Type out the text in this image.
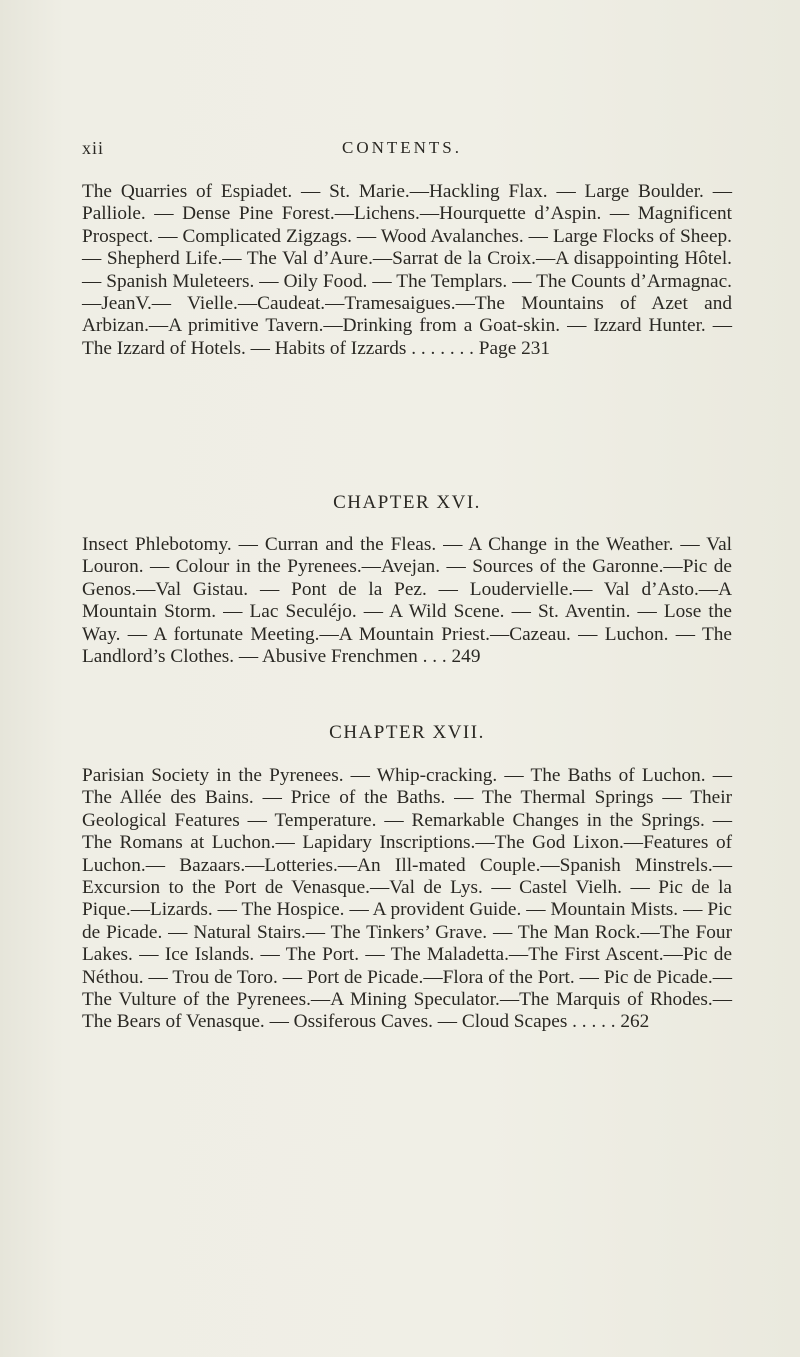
xii	CONTENTS.
The Quarries of Espiadet. — St. Marie.—Hackling Flax. — Large Boulder. — Palliole. — Dense Pine Forest.—Lichens.—Hourquette d’Aspin. — Magnificent Prospect. — Complicated Zigzags. — Wood Avalanches. — Large Flocks of Sheep.— Shepherd Life.— The Val d’Aure.—Sarrat de la Croix.—A disappointing Hôtel.— Spanish Muleteers. — Oily Food. — The Templars. — The Counts d’Armagnac.—JeanV.— Vielle.—Caudeat.—Tramesaigues.—The Mountains of Azet and Arbizan.—A primitive Tavern.—Drinking from a Goat-skin. — Izzard Hunter. — The Izzard of Hotels. — Habits of Izzards . . . . . . . Page 231
CHAPTER XVI.
Insect Phlebotomy. — Curran and the Fleas. — A Change in the Weather. — Val Louron. — Colour in the Pyrenees.—Avejan. — Sources of the Garonne.—Pic de Genos.—Val Gistau. — Pont de la Pez. — Loudervielle.— Val d’Asto.—A Mountain Storm. — Lac Seculéjo. — A Wild Scene. — St. Aventin. — Lose the Way. — A fortunate Meeting.—A Mountain Priest.—Cazeau. — Luchon. — The Landlord’s Clothes. — Abusive Frenchmen . . . 249
CHAPTER XVII.
Parisian Society in the Pyrenees. — Whip-cracking. — The Baths of Luchon. — The Allée des Bains. — Price of the Baths. — The Thermal Springs — Their Geological Features — Temperature. — Remarkable Changes in the Springs. — The Romans at Luchon.— Lapidary Inscriptions.—The God Lixon.—Features of Luchon.— Bazaars.—Lotteries.—An Ill-mated Couple.—Spanish Minstrels.— Excursion to the Port de Venasque.—Val de Lys. — Castel Vielh. — Pic de la Pique.—Lizards. — The Hospice. — A provident Guide. — Mountain Mists. — Pic de Picade. — Natural Stairs.— The Tinkers’ Grave. — The Man Rock.—The Four Lakes. — Ice Islands. — The Port. — The Maladetta.—The First Ascent.—Pic de Néthou. — Trou de Toro. — Port de Picade.—Flora of the Port. — Pic de Picade.—The Vulture of the Pyrenees.—A Mining Speculator.—The Marquis of Rhodes.—The Bears of Venasque. — Ossiferous Caves. — Cloud Scapes . . . . . 262
